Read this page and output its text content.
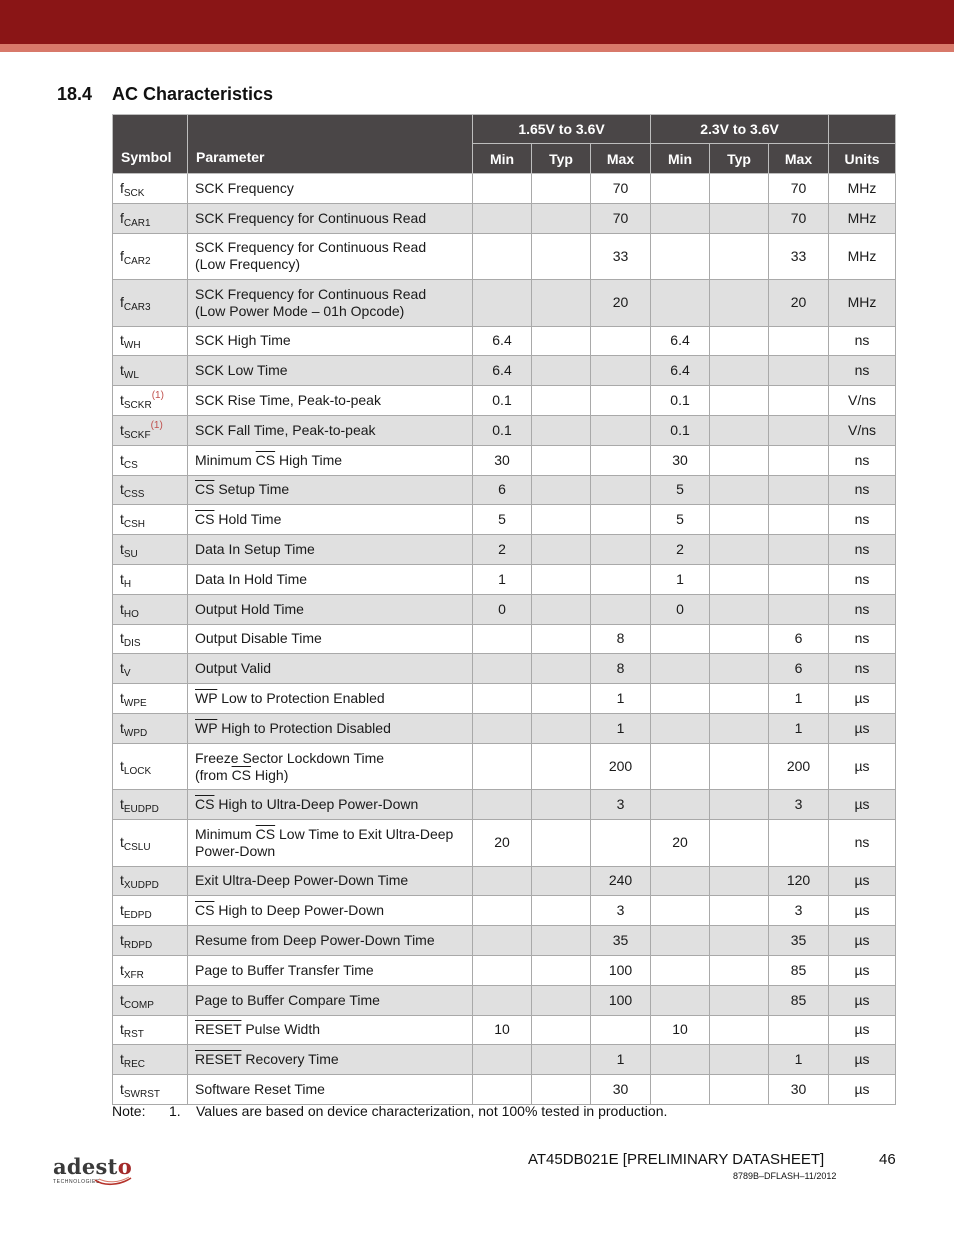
18.4 AC Characteristics
Symbol	Parameter	1.65V to 3.6V			2.3V to 3.6V			
		Min	Typ	Max	Min	Typ	Max	Units
$f_{SCK}$	SCK Frequency			70			70	MHz
$f_{CAR1}$	SCK Frequency for Continuous Read			70			70	MHz
$f_{CAR2}$	SCK Frequency for Continuous Read
(Low Frequency)			33			33	MHz
$f_{CAR3}$	SCK Frequency for Continuous Read
(Low Power Mode – 01h Opcode)			20			20	MHz
$t_{WH}$	SCK High Time	6.4			6.4			ns
$t_{WL}$	SCK Low Time	6.4			6.4			ns
$t_{SCKR}^{(1)}$	SCK Rise Time, Peak-to-peak	0.1			0.1			V/ns
$t_{SCKF}^{(1)}$	SCK Fall Time, Peak-to-peak	0.1			0.1			V/ns
$t_{CS}$	Minimum $\overline{CS}$ High Time	30			30			ns
$t_{CSS}$	$\overline{CS}$ Setup Time	6			5			ns
$t_{CSH}$	$\overline{CS}$ Hold Time	5			5			ns
$t_{SU}$	Data In Setup Time	2			2			ns
$t_H$	Data In Hold Time	1			1			ns
$t_{HO}$	Output Hold Time	0			0			ns
$t_{DIS}$	Output Disable Time			8			6	ns
$t_V$	Output Valid			8			6	ns
$t_{WPE}$	$\overline{WP}$ Low to Protection Enabled			1			1	µs
$t_{WPD}$	$\overline{WP}$ High to Protection Disabled			1			1	µs
$t_{LOCK}$	Freeze Sector Lockdown Time
(from $\overline{CS}$ High)			200			200	µs
$t_{EUDPD}$	$\overline{CS}$ High to Ultra-Deep Power-Down			3			3	µs
$t_{CSLU}$	Minimum $\overline{CS}$ Low Time to Exit Ultra-Deep
Power-Down	20			20			ns
$t_{XUDPD}$	Exit Ultra-Deep Power-Down Time			240			120	µs
$t_{EDPD}$	$\overline{CS}$ High to Deep Power-Down			3			3	µs
$t_{RDPD}$	Resume from Deep Power-Down Time			35			35	µs
$t_{XFR}$	Page to Buffer Transfer Time			100			85	µs
$t_{COMP}$	Page to Buffer Compare Time			100			85	µs
$t_{RST}$	RESET Pulse Width	10			10			µs
$t_{REC}$	RESET Recovery Time			1			1	µs
$t_{SWRST}$	Software Reset Time			30			30	µs
Note: 1. Values are based on device characterization, not 100% tested in production.
adesto
TECHNOLOGIES
AT45DB021E [PRELIMINARY DATASHEET]	46
8789B–DFLASH–11/2012
